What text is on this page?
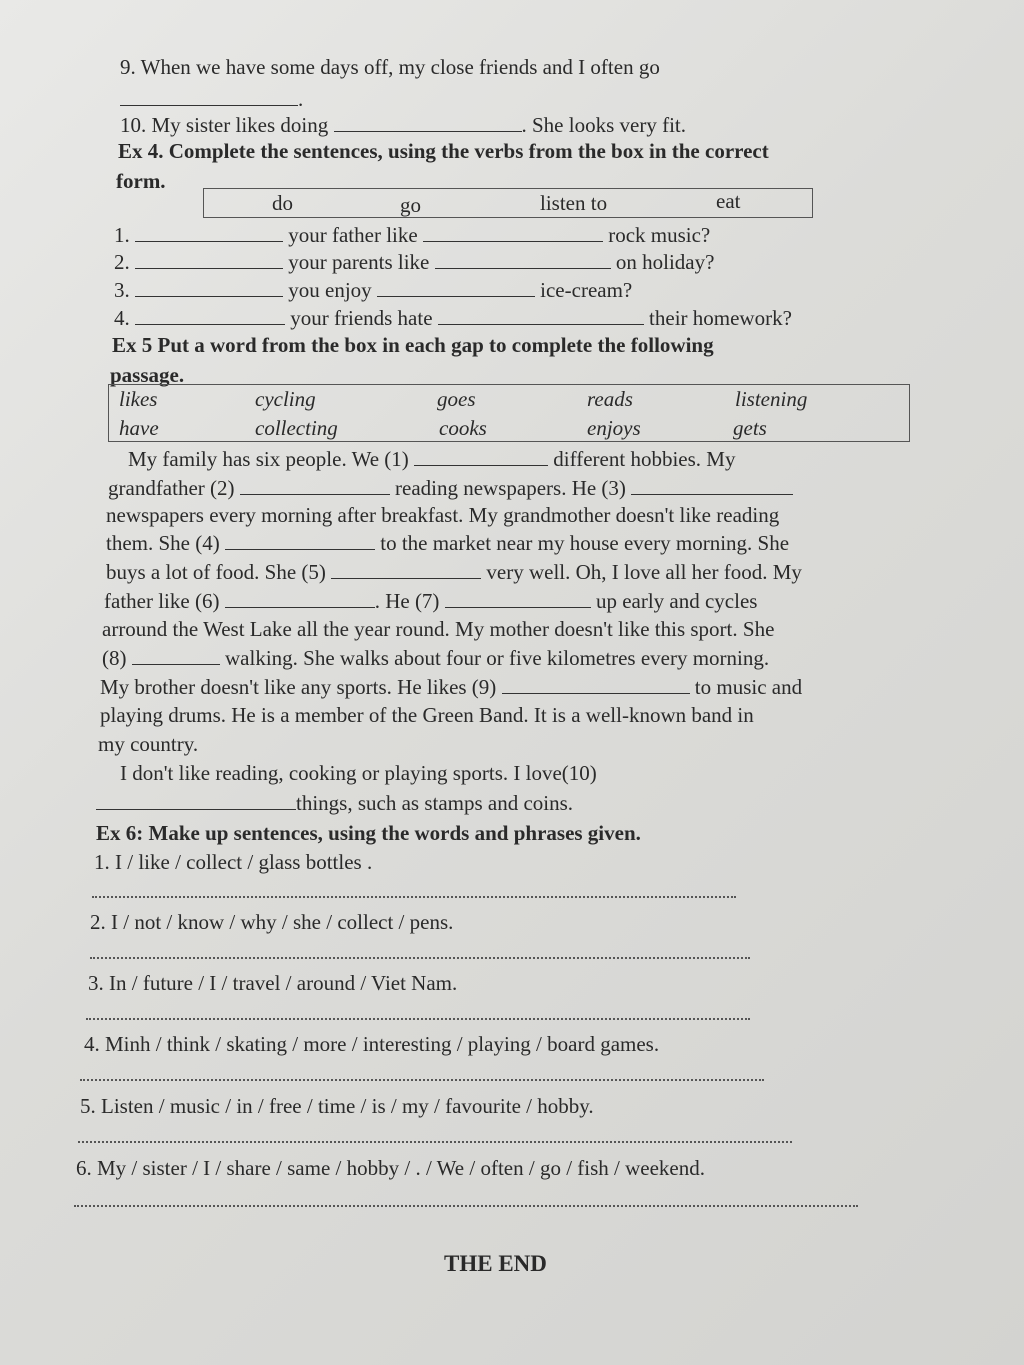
9. When we have some days off, my close friends and I often go
.
10. My sister likes doing	. She looks very fit.
Ex 4. Complete the sentences, using the verbs from the box in the correct
form.
do	go	listen to	eat
1.	your father like	rock music?
2.	your parents like	on holiday?
3.	you enjoy	ice-cream?
4.	your friends hate	their homework?
Ex 5 Put a word from the box in each gap to complete the following
passage.
likes	cycling	goes	reads	listening
have	collecting	cooks	enjoys	gets
My family has six people. We (1)	different hobbies. My
grandfather (2)	reading newspapers. He (3)
newspapers every morning after breakfast. My grandmother doesn't like reading
them. She (4)	to the market near my house every morning. She
buys a lot of food. She (5)	very well. Oh, I love all her food. My
father like (6)	. He (7)	up early and cycles
arround the West Lake all the year round. My mother doesn't like this sport. She
(8)	walking. She walks about four or five kilometres every morning.
My brother doesn't like any sports. He likes (9)	to music and
playing drums. He is a member of the Green Band. It is a well-known band in
my country.
I don't like reading, cooking or playing sports. I love(10)
things, such as stamps and coins.
Ex 6: Make up sentences, using the words and phrases given.
1. I / like / collect / glass bottles .
2. I / not / know / why / she / collect / pens.
3. In / future / I / travel / around / Viet Nam.
4. Minh / think / skating / more / interesting / playing / board games.
5. Listen / music / in / free / time / is / my / favourite / hobby.
6. My / sister / I / share / same / hobby / . / We / often / go / fish / weekend.
THE END
